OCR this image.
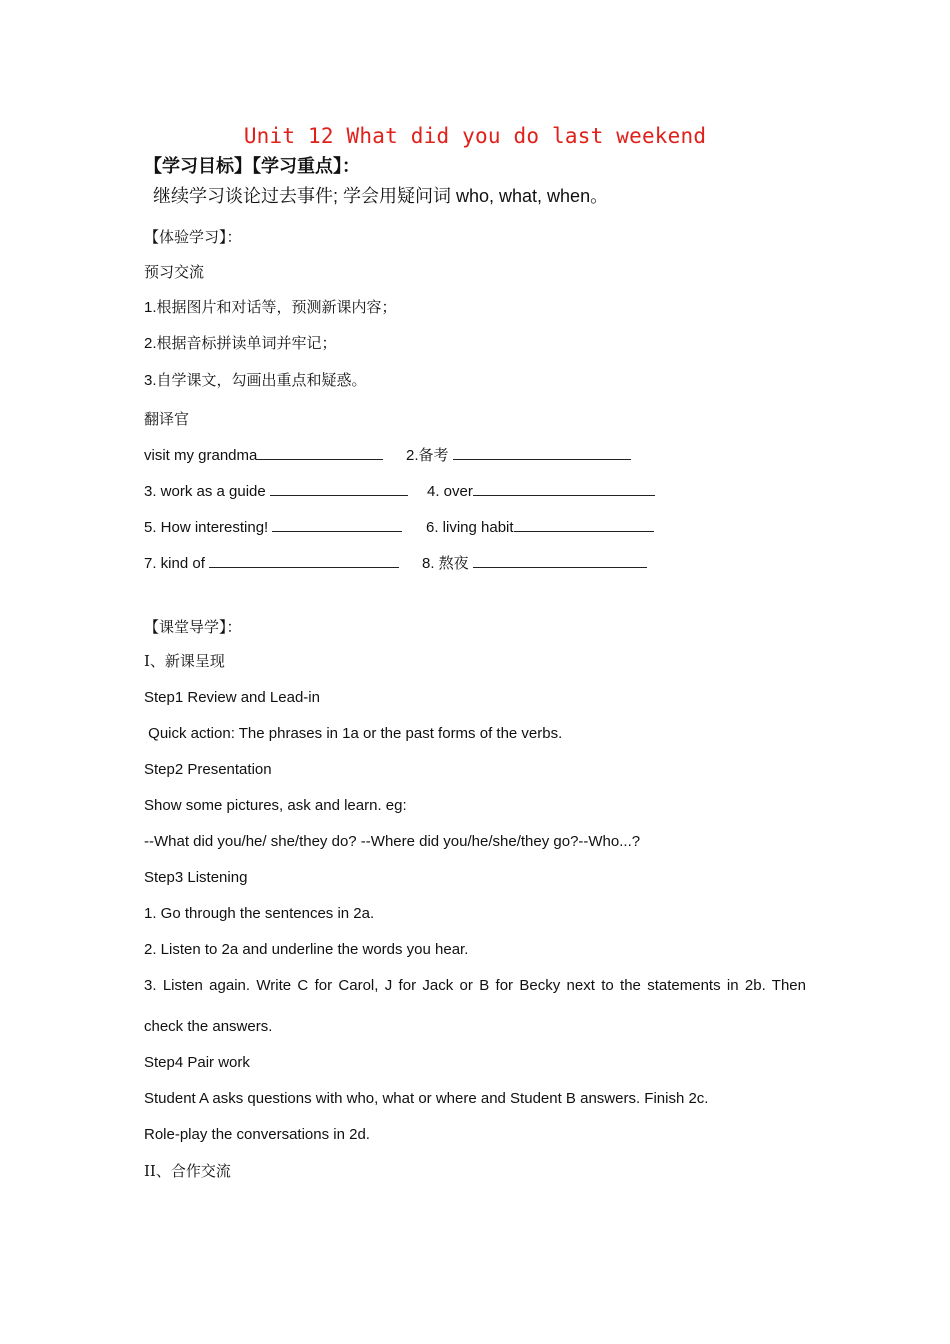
Unit 12 What did you do last weekend
【学习目标】【学习重点】：
继续学习谈论过去事件; 学会用疑问词 who, what, when。
【体验学习】：
预习交流
1.根据图片和对话等，预测新课内容；
2.根据音标拼读单词并牢记；
3.自学课文，勾画出重点和疑惑。
翻译官
visit my grandma	2.备考
3. work as a guide	4. over
5. How interesting!	6. living habit
7. kind of	8. 熬夜
【课堂导学】：
I、新课呈现
Step1 Review and Lead-in
Quick action: The phrases in 1a or the past forms of the verbs.
Step2 Presentation
Show some pictures, ask and learn. eg:
--What did you/he/ she/they do? --Where did you/he/she/they go?--Who...?
Step3 Listening
1. Go through the sentences in 2a.
2. Listen to 2a and underline the words you hear.
3. Listen again. Write C for Carol, J for Jack or B for Becky next to the statements in 2b. Then
check the answers.
Step4 Pair work
Student A asks questions with who, what or where and Student B answers. Finish 2c.
Role-play the conversations in 2d.
II、合作交流
